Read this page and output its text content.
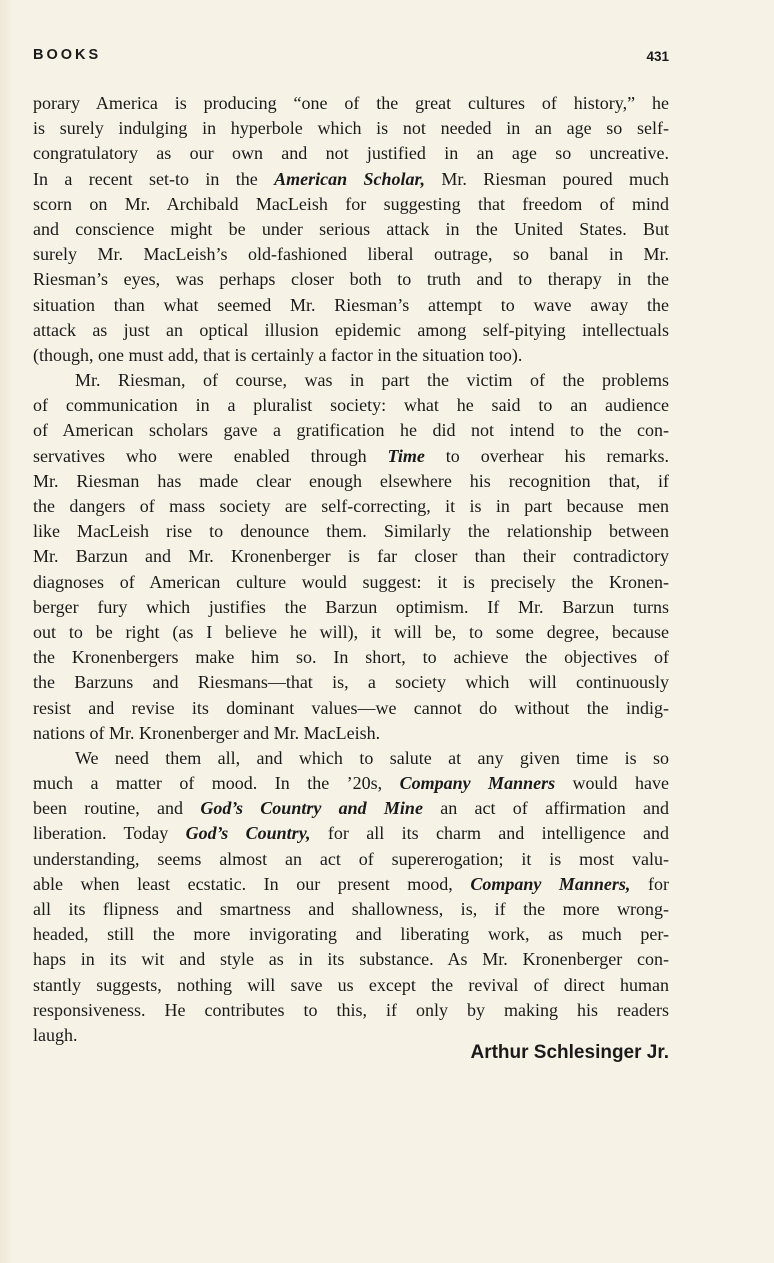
BOOKS	431
porary America is producing “one of the great cultures of history,” he
is surely indulging in hyperbole which is not needed in an age so self-
congratulatory as our own and not justified in an age so uncreative.
In a recent set-to in the American Scholar, Mr. Riesman poured much
scorn on Mr. Archibald MacLeish for suggesting that freedom of mind
and conscience might be under serious attack in the United States. But
surely Mr. MacLeish’s old-fashioned liberal outrage, so banal in Mr.
Riesman’s eyes, was perhaps closer both to truth and to therapy in the
situation than what seemed Mr. Riesman’s attempt to wave away the
attack as just an optical illusion epidemic among self-pitying intellectuals
(though, one must add, that is certainly a factor in the situation too).
Mr. Riesman, of course, was in part the victim of the problems
of communication in a pluralist society: what he said to an audience
of American scholars gave a gratification he did not intend to the con-
servatives who were enabled through Time to overhear his remarks.
Mr. Riesman has made clear enough elsewhere his recognition that, if
the dangers of mass society are self-correcting, it is in part because men
like MacLeish rise to denounce them. Similarly the relationship between
Mr. Barzun and Mr. Kronenberger is far closer than their contradictory
diagnoses of American culture would suggest: it is precisely the Kronen-
berger fury which justifies the Barzun optimism. If Mr. Barzun turns
out to be right (as I believe he will), it will be, to some degree, because
the Kronenbergers make him so. In short, to achieve the objectives of
the Barzuns and Riesmans—that is, a society which will continuously
resist and revise its dominant values—we cannot do without the indig-
nations of Mr. Kronenberger and Mr. MacLeish.
We need them all, and which to salute at any given time is so
much a matter of mood. In the ’20s, Company Manners would have
been routine, and God’s Country and Mine an act of affirmation and
liberation. Today God’s Country, for all its charm and intelligence and
understanding, seems almost an act of supererogation; it is most valu-
able when least ecstatic. In our present mood, Company Manners, for
all its flipness and smartness and shallowness, is, if the more wrong-
headed, still the more invigorating and liberating work, as much per-
haps in its wit and style as in its substance. As Mr. Kronenberger con-
stantly suggests, nothing will save us except the revival of direct human
responsiveness. He contributes to this, if only by making his readers
laugh.
Arthur Schlesinger Jr.
